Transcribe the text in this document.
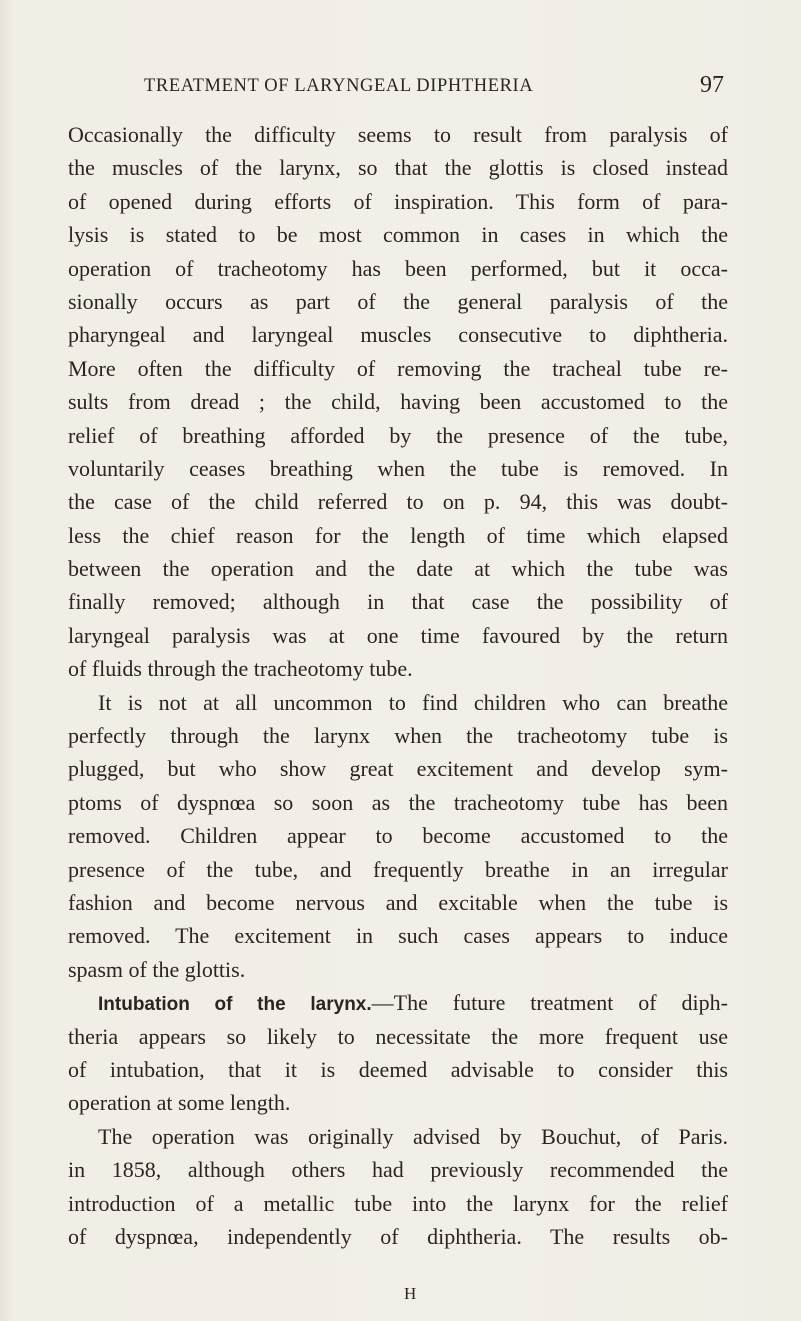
TREATMENT OF LARYNGEAL DIPHTHERIA	97
Occasionally the difficulty seems to result from paralysis of
the muscles of the larynx, so that the glottis is closed instead
of opened during efforts of inspiration. This form of para-
lysis is stated to be most common in cases in which the
operation of tracheotomy has been performed, but it occa-
sionally occurs as part of the general paralysis of the
pharyngeal and laryngeal muscles consecutive to diphtheria.
More often the difficulty of removing the tracheal tube re-
sults from dread ; the child, having been accustomed to the
relief of breathing afforded by the presence of the tube,
voluntarily ceases breathing when the tube is removed. In
the case of the child referred to on p. 94, this was doubt-
less the chief reason for the length of time which elapsed
between the operation and the date at which the tube was
finally removed; although in that case the possibility of
laryngeal paralysis was at one time favoured by the return
of fluids through the tracheotomy tube.
It is not at all uncommon to find children who can breathe
perfectly through the larynx when the tracheotomy tube is
plugged, but who show great excitement and develop sym-
ptoms of dyspnœa so soon as the tracheotomy tube has been
removed. Children appear to become accustomed to the
presence of the tube, and frequently breathe in an irregular
fashion and become nervous and excitable when the tube is
removed. The excitement in such cases appears to induce
spasm of the glottis.
Intubation of the larynx.—The future treatment of diph-
theria appears so likely to necessitate the more frequent use
of intubation, that it is deemed advisable to consider this
operation at some length.
The operation was originally advised by Bouchut, of Paris.
in 1858, although others had previously recommended the
introduction of a metallic tube into the larynx for the relief
of dyspnœa, independently of diphtheria. The results ob-
H
